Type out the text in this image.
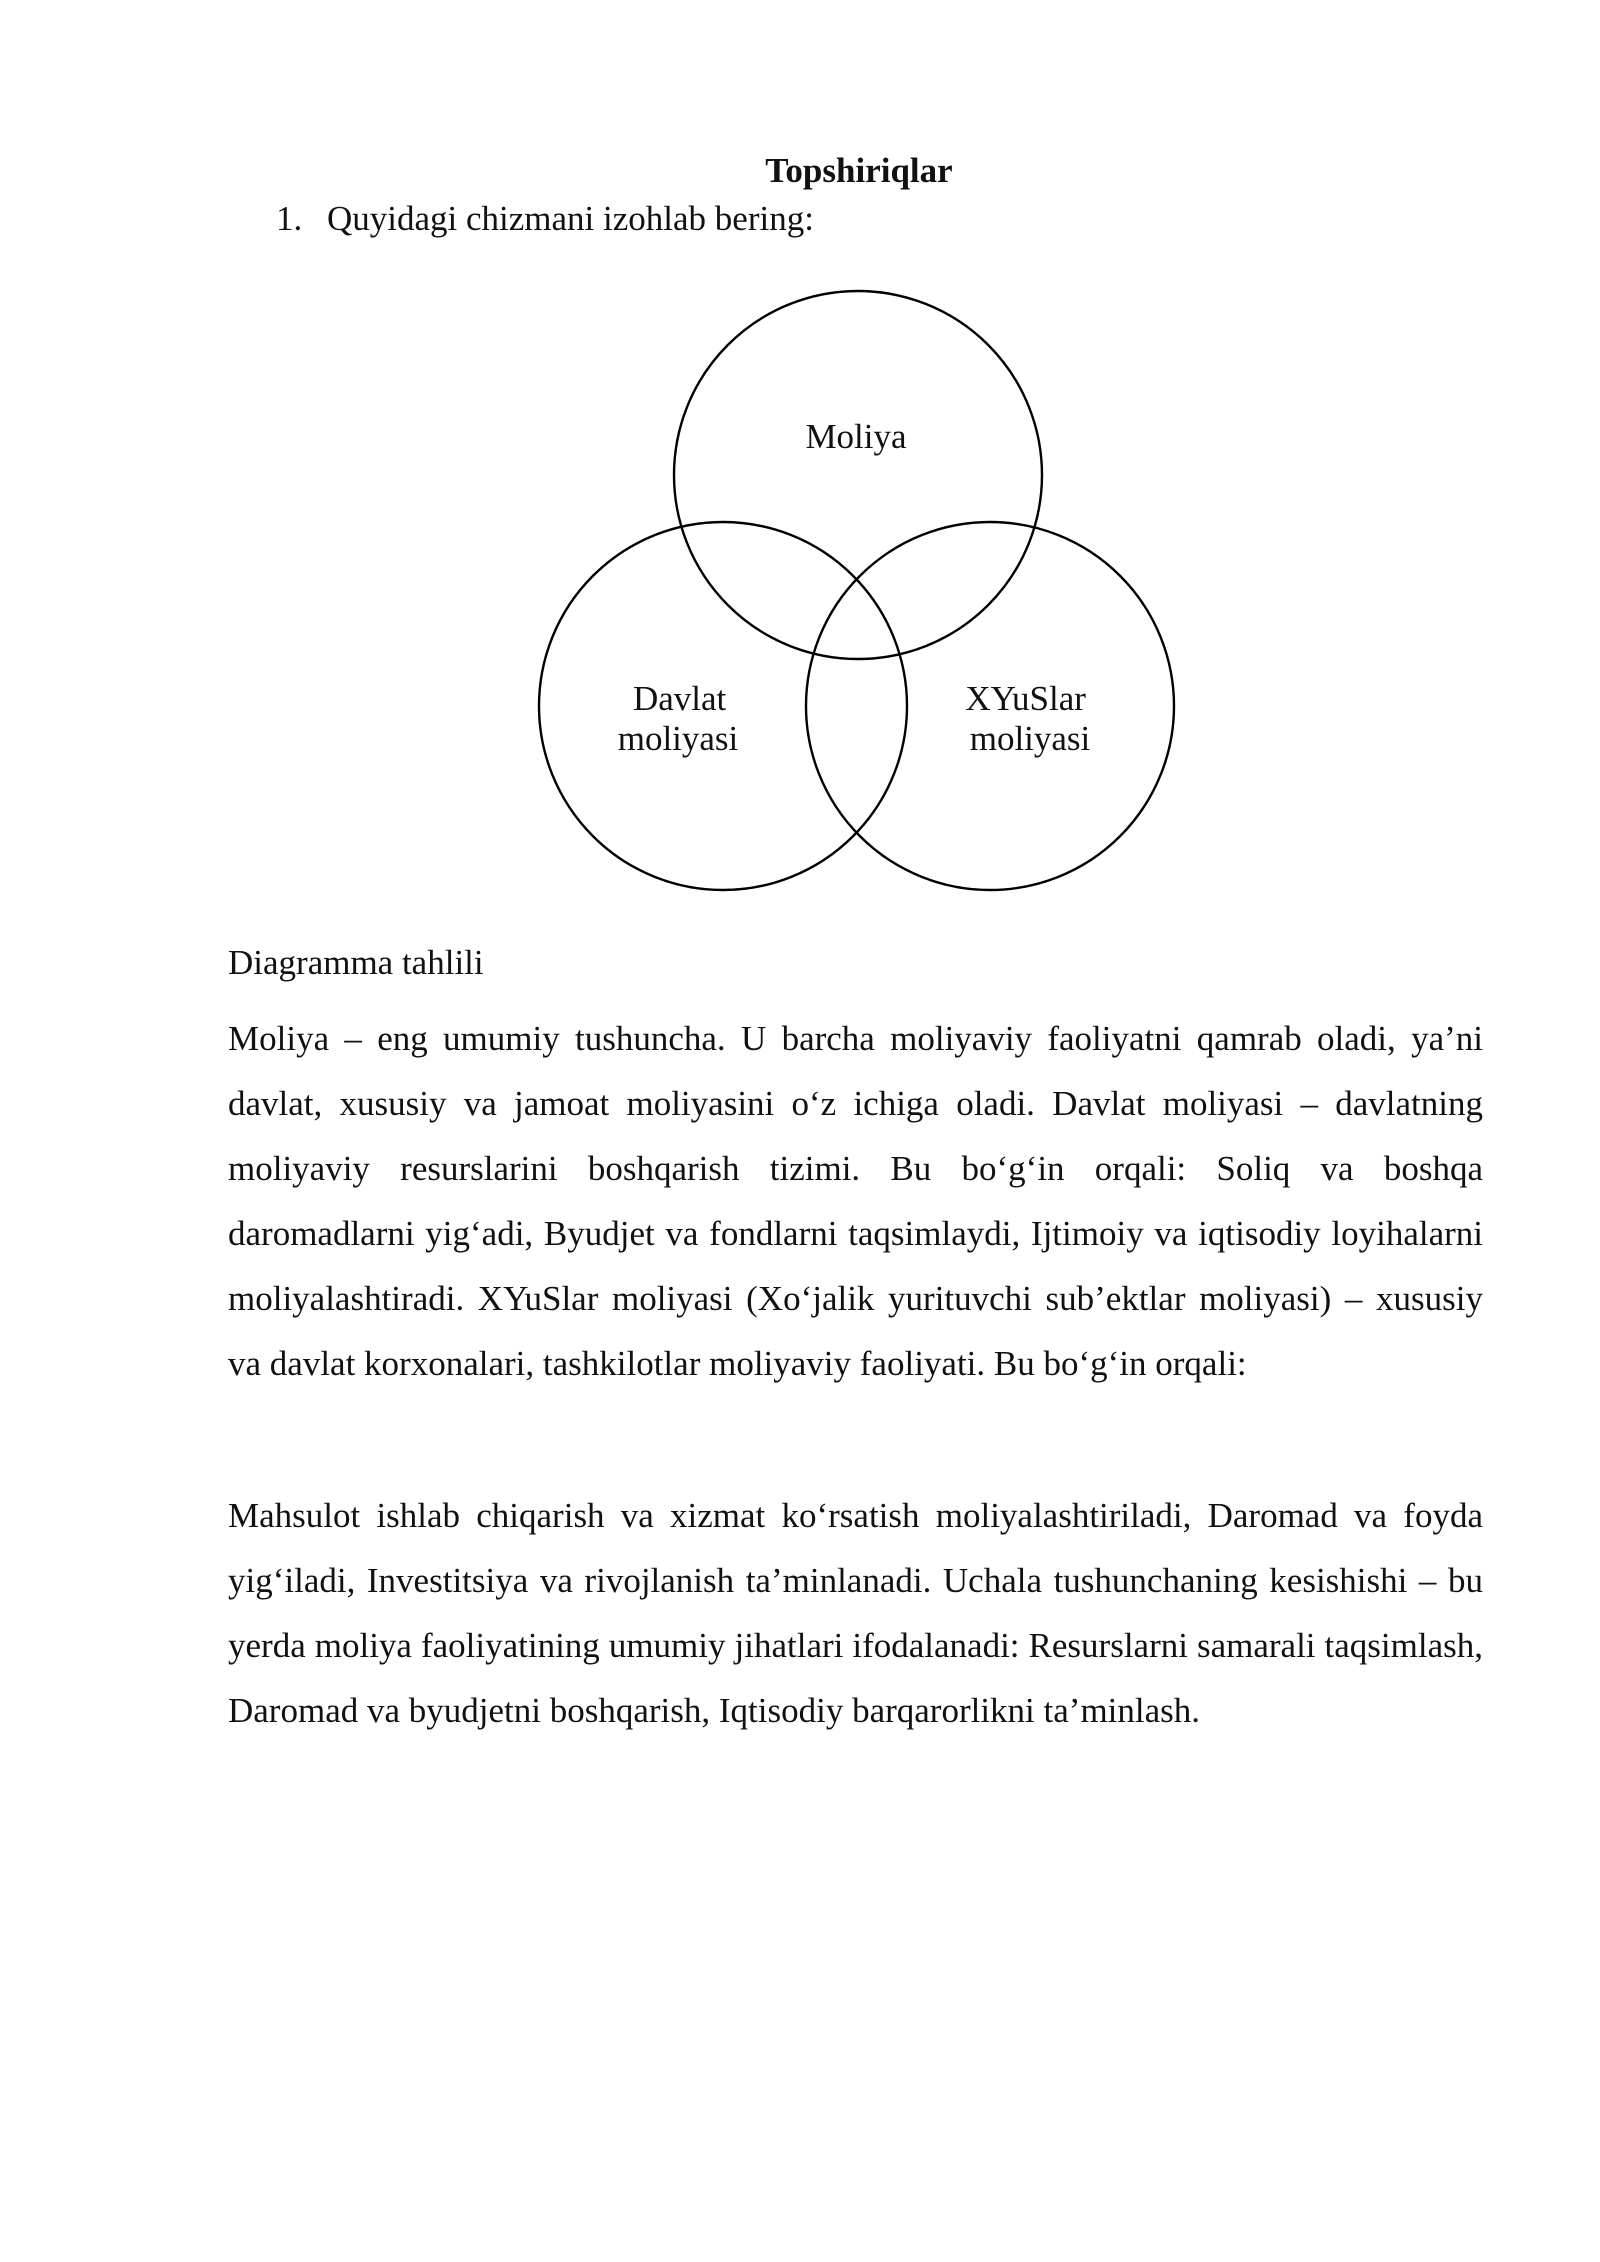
Topshiriqlar
1. Quyidagi chizmani izohlab bering:
Moliya
Davlat moliyasi
XYuSlar moliyasi
Diagramma tahlili

Moliya – eng umumiy tushuncha. U barcha moliyaviy faoliyatni qamrab oladi, ya’ni davlat, xususiy va jamoat moliyasini o‘z ichiga oladi. Davlat moliyasi – davlatning moliyaviy resurslarini boshqarish tizimi. Bu bo‘g‘in orqali: Soliq va boshqa daromadlarni yig‘adi, Byudjet va fondlarni taqsimlaydi, Ijtimoiy va iqtisodiy loyihalarni moliyalashtiradi. XYuSlar moliyasi (Xo‘jalik yurituvchi sub’ektlar moliyasi) – xususiy va davlat korxonalari, tashkilotlar moliyaviy faoliyati. Bu bo‘g‘in orqali:

Mahsulot ishlab chiqarish va xizmat ko‘rsatish moliyalashtiriladi, Daromad va foyda yig‘iladi, Investitsiya va rivojlanish ta’minlanadi. Uchala tushunchaning kesishishi – bu yerda moliya faoliyatining umumiy jihatlari ifodalanadi: Resurslarni samarali taqsimlash, Daromad va byudjetni boshqarish, Iqtisodiy barqarorlikni ta’minlash.
